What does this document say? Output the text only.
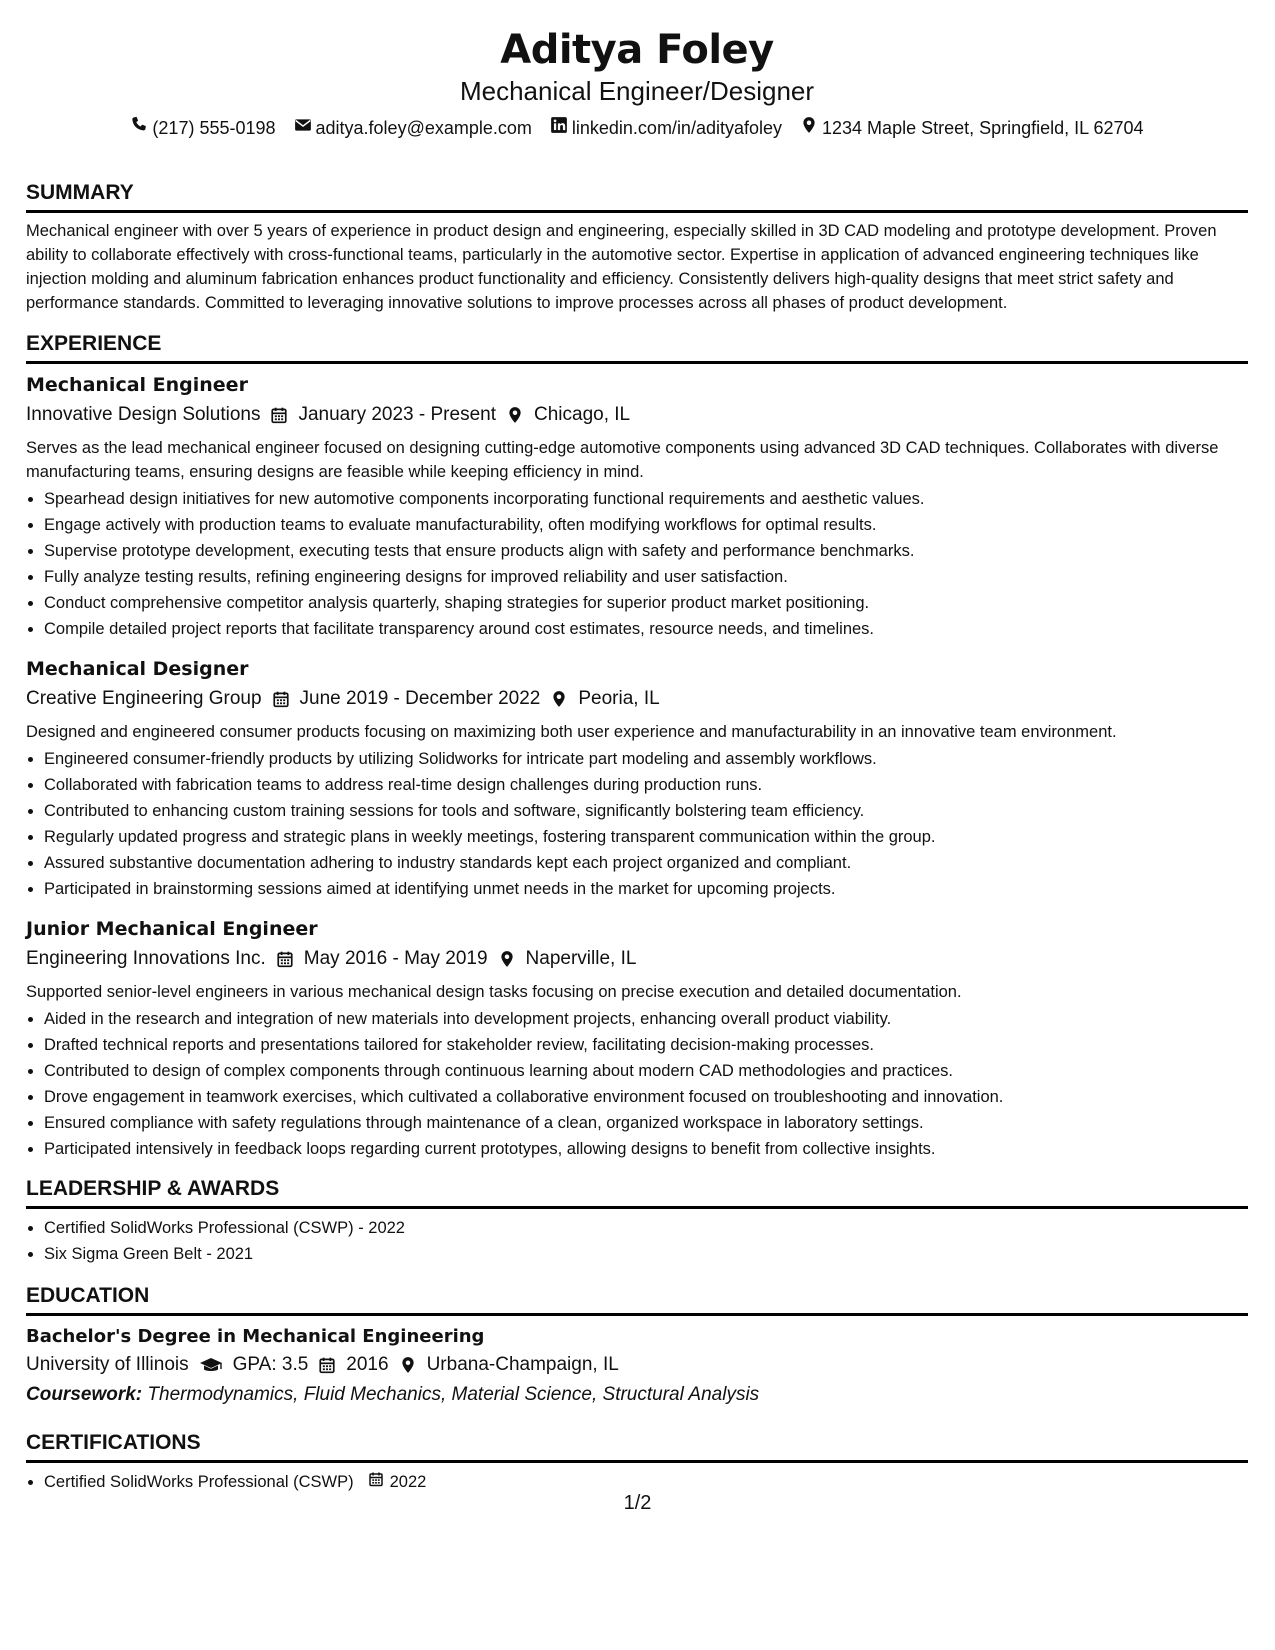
Aditya Foley
Mechanical Engineer/Designer
(217) 555-0198 aditya.foley@example.com linkedin.com/in/adityafoley 1234 Maple Street, Springfield, IL 62704
SUMMARY
Mechanical engineer with over 5 years of experience in product design and engineering, especially skilled in 3D CAD modeling and prototype development. Proven ability to collaborate effectively with cross-functional teams, particularly in the automotive sector. Expertise in application of advanced engineering techniques like injection molding and aluminum fabrication enhances product functionality and efficiency. Consistently delivers high-quality designs that meet strict safety and performance standards. Committed to leveraging innovative solutions to improve processes across all phases of product development.
EXPERIENCE
Mechanical Engineer
Innovative Design Solutions January 2023 - Present Chicago, IL
Serves as the lead mechanical engineer focused on designing cutting-edge automotive components using advanced 3D CAD techniques. Collaborates with diverse manufacturing teams, ensuring designs are feasible while keeping efficiency in mind.
• Spearhead design initiatives for new automotive components incorporating functional requirements and aesthetic values.
• Engage actively with production teams to evaluate manufacturability, often modifying workflows for optimal results.
• Supervise prototype development, executing tests that ensure products align with safety and performance benchmarks.
• Fully analyze testing results, refining engineering designs for improved reliability and user satisfaction.
• Conduct comprehensive competitor analysis quarterly, shaping strategies for superior product market positioning.
• Compile detailed project reports that facilitate transparency around cost estimates, resource needs, and timelines.
Mechanical Designer
Creative Engineering Group June 2019 - December 2022 Peoria, IL
Designed and engineered consumer products focusing on maximizing both user experience and manufacturability in an innovative team environment.
• Engineered consumer-friendly products by utilizing Solidworks for intricate part modeling and assembly workflows.
• Collaborated with fabrication teams to address real-time design challenges during production runs.
• Contributed to enhancing custom training sessions for tools and software, significantly bolstering team efficiency.
• Regularly updated progress and strategic plans in weekly meetings, fostering transparent communication within the group.
• Assured substantive documentation adhering to industry standards kept each project organized and compliant.
• Participated in brainstorming sessions aimed at identifying unmet needs in the market for upcoming projects.
Junior Mechanical Engineer
Engineering Innovations Inc. May 2016 - May 2019 Naperville, IL
Supported senior-level engineers in various mechanical design tasks focusing on precise execution and detailed documentation.
• Aided in the research and integration of new materials into development projects, enhancing overall product viability.
• Drafted technical reports and presentations tailored for stakeholder review, facilitating decision-making processes.
• Contributed to design of complex components through continuous learning about modern CAD methodologies and practices.
• Drove engagement in teamwork exercises, which cultivated a collaborative environment focused on troubleshooting and innovation.
• Ensured compliance with safety regulations through maintenance of a clean, organized workspace in laboratory settings.
• Participated intensively in feedback loops regarding current prototypes, allowing designs to benefit from collective insights.
LEADERSHIP & AWARDS
• Certified SolidWorks Professional (CSWP) - 2022
• Six Sigma Green Belt - 2021
EDUCATION
Bachelor's Degree in Mechanical Engineering
University of Illinois GPA: 3.5 2016 Urbana-Champaign, IL
Coursework: Thermodynamics, Fluid Mechanics, Material Science, Structural Analysis
CERTIFICATIONS
• Certified SolidWorks Professional (CSWP) 2022
1/2
